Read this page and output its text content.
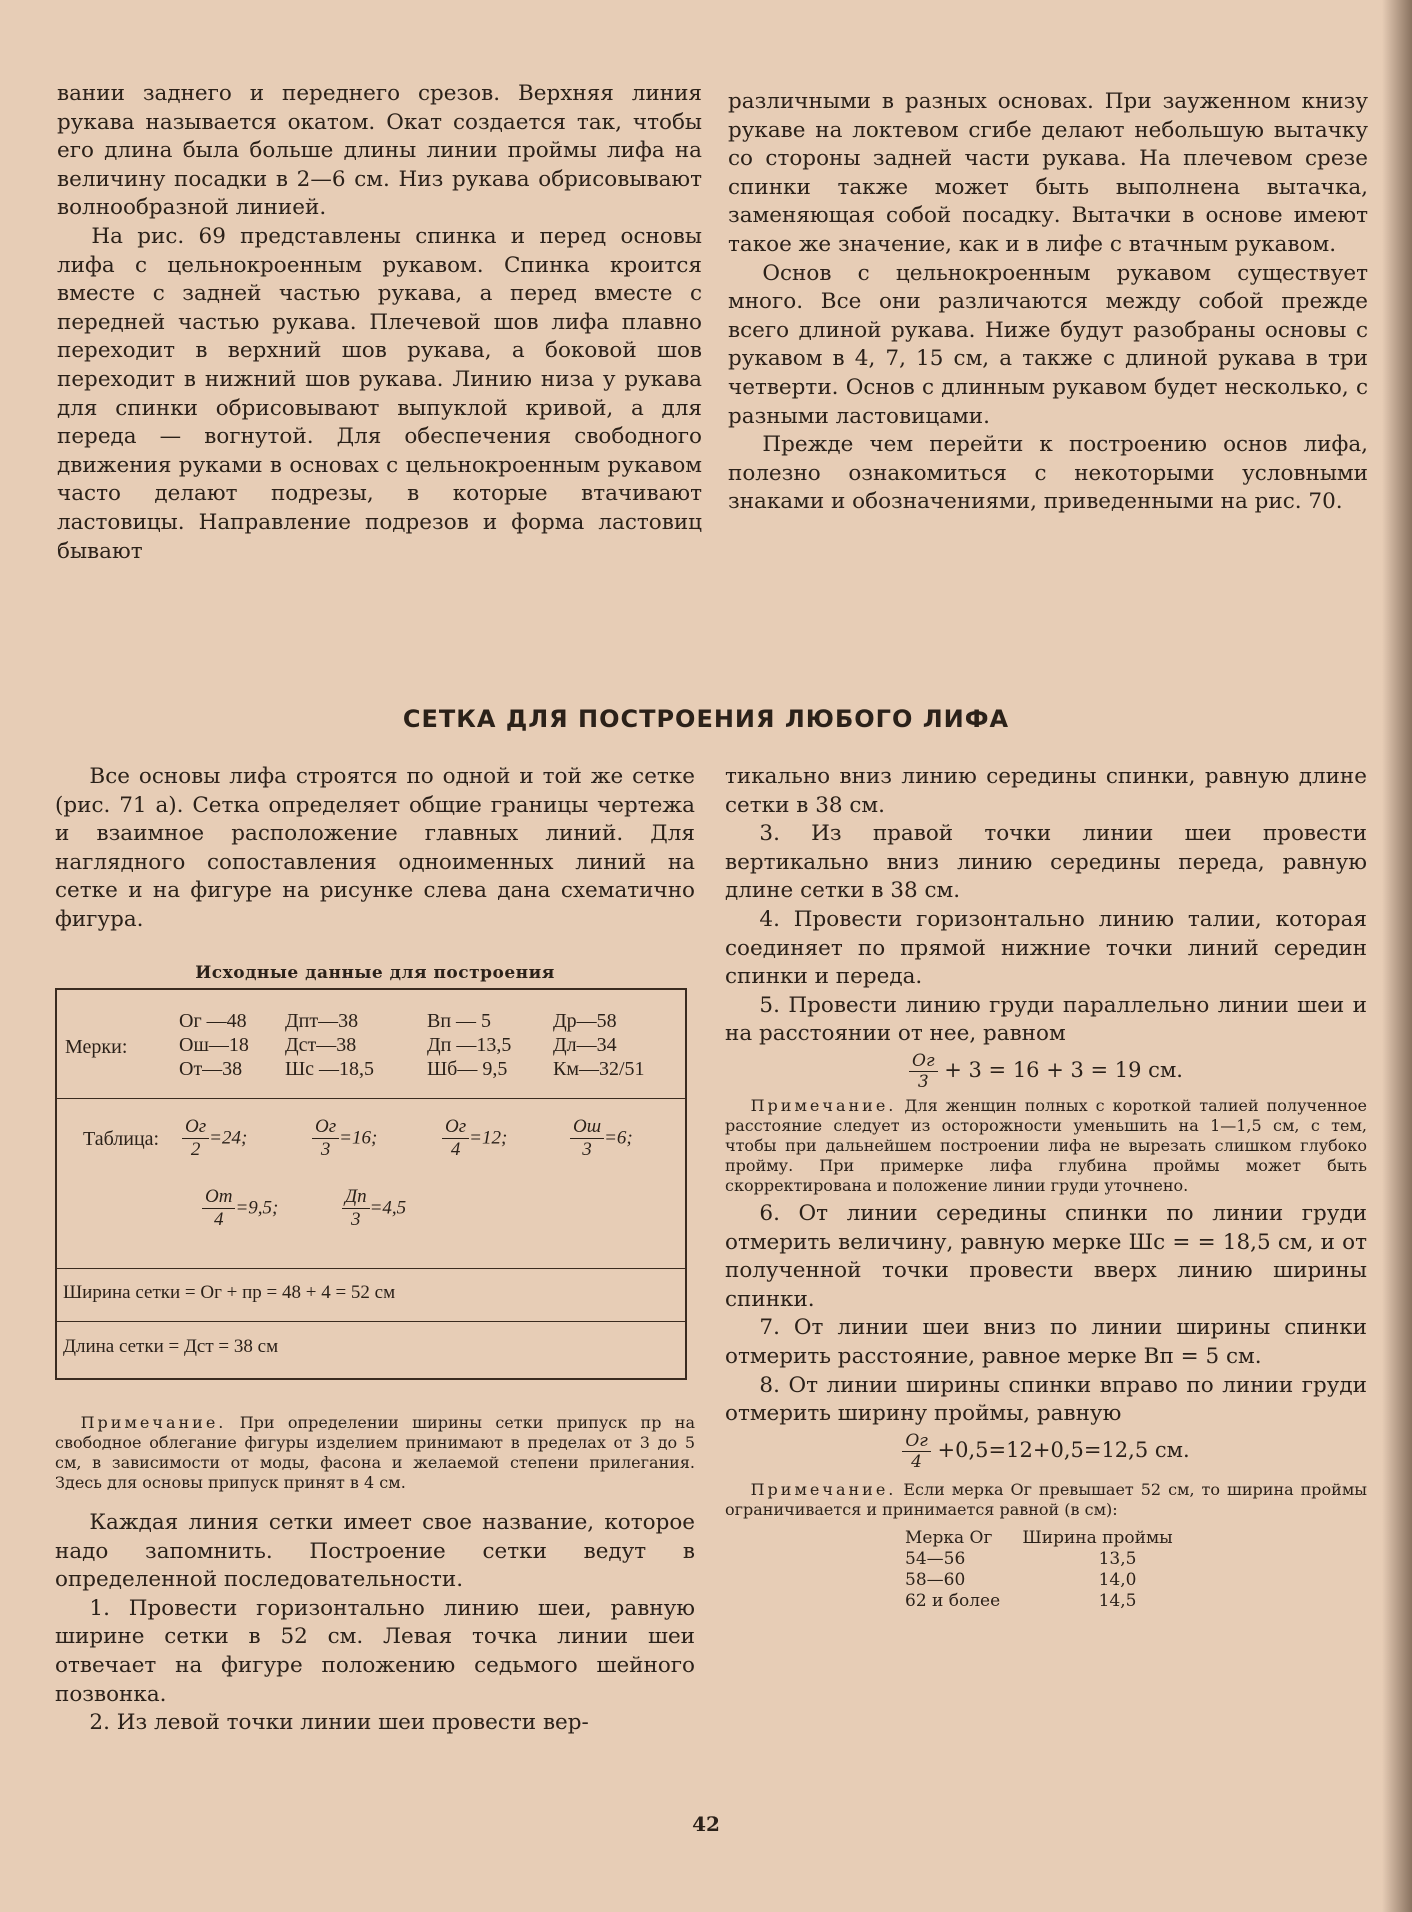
вании заднего и переднего срезов. Верхняя линия рукава называется окатом. Окат создается так, чтобы его длина была больше длины линии проймы лифа на величину посадки в 2—6 см. Низ рукава обрисовывают волнообразной линией.

На рис. 69 представлены спинка и перед основы лифа с цельнокроенным рукавом. Спинка кроится вместе с задней частью рукава, а перед вместе с передней частью рукава. Плечевой шов лифа плавно переходит в верхний шов рукава, а боковой шов переходит в нижний шов рукава. Линию низа у рукава для спинки обрисовывают выпуклой кривой, а для переда — вогнутой. Для обеспечения свободного движения руками в основах с цельнокроенным рукавом часто делают подрезы, в которые втачивают ластовицы. Направление подрезов и форма ластовиц бывают

различными в разных основах. При зауженном книзу рукаве на локтевом сгибе делают небольшую вытачку со стороны задней части рукава. На плечевом срезе спинки также может быть выполнена вытачка, заменяющая собой посадку. Вытачки в основе имеют такое же значение, как и в лифе с втачным рукавом.

Основ с цельнокроенным рукавом существует много. Все они различаются между собой прежде всего длиной рукава. Ниже будут разобраны основы с рукавом в 4, 7, 15 см, а также с длиной рукава в три четверти. Основ с длинным рукавом будет несколько, с разными ластовицами.

Прежде чем перейти к построению основ лифа, полезно ознакомиться с некоторыми условными знаками и обозначениями, приведенными на рис. 70.

СЕТКА ДЛЯ ПОСТРОЕНИЯ ЛЮБОГО ЛИФА

Все основы лифа строятся по одной и той же сетке (рис. 71 а). Сетка определяет общие границы чертежа и взаимное расположение главных линий. Для наглядного сопоставления одноименных линий на сетке и на фигуре на рисунке слева дана схематично фигура.

Исходные данные для построения
Мерки:
Ог —48 Дпт—38	Вп — 5	Др—58
Ош—18 Дст—38	Дп —13,5 Дл—34
От—38 Шс —18,5	Шб— 9,5 Км—32/51
Таблица: $\frac{Ог}{2} =24$;	$\frac{Ог}{3} =16$;	$\frac{Ог}{4} =12$;	$\frac{Ош}{3} =6$;
$\frac{От}{4} =9,5$;	$\frac{Дп}{3} =4,5$
Ширина сетки = Ог + пр = 48 + 4 = 52 см
Длина сетки = Дст = 38 см

Примечание. При определении ширины сетки припуск пр на свободное облегание фигуры изделием принимают в пределах от 3 до 5 см, в зависимости от моды, фасона и желаемой степени прилегания. Здесь для основы припуск принят в 4 см.

Каждая линия сетки имеет свое название, которое надо запомнить. Построение сетки ведут в определенной последовательности.

1. Провести горизонтально линию шеи, равную ширине сетки в 52 см. Левая точка линии шеи отвечает на фигуре положению седьмого шейного позвонка.

2. Из левой точки линии шеи провести вер-

тикально вниз линию середины спинки, равную длине сетки в 38 см.

3. Из правой точки линии шеи провести вертикально вниз линию середины переда, равную длине сетки в 38 см.

4. Провести горизонтально линию талии, которая соединяет по прямой нижние точки линий середин спинки и переда.

5. Провести линию груди параллельно линии шеи и на расстоянии от нее, равном

$\frac{Ог}{3} + 3 = 16 + 3 = 19$ см.

Примечание. Для женщин полных с короткой талией полученное расстояние следует из осторожности уменьшить на 1—1,5 см, с тем, чтобы при дальнейшем построении лифа не вырезать слишком глубоко пройму. При примерке лифа глубина проймы может быть скорректирована и положение линии груди уточнено.

6. От линии середины спинки по линии груди отмерить величину, равную мерке Шс = = 18,5 см, и от полученной точки провести вверх линию ширины спинки.

7. От линии шеи вниз по линии ширины спинки отмерить расстояние, равное мерке Вп = 5 см.

8. От линии ширины спинки вправо по линии груди отмерить ширину проймы, равную

$\frac{Ог}{4} +0,5=12+0,5=12,5$ см.

Примечание. Если мерка Ог превышает 52 см, то ширина проймы ограничивается и принимается равной (в см):

Мерка Ог	Ширина проймы
54—56	13,5
58—60	14,0
62 и более	14,5
42
